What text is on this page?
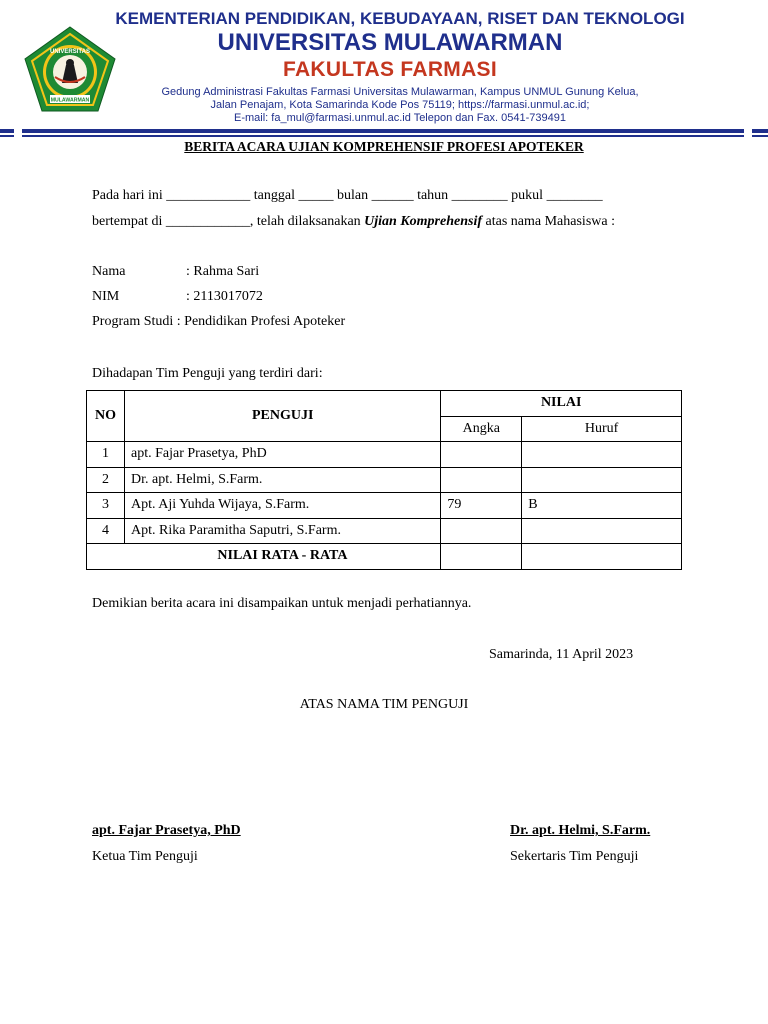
UNIVERSITAS
MULAWARMAN
KEMENTERIAN PENDIDIKAN, KEBUDAYAAN, RISET DAN TEKNOLOGI
UNIVERSITAS MULAWARMAN
FAKULTAS FARMASI
Gedung Administrasi Fakultas Farmasi Universitas Mulawarman, Kampus UNMUL Gunung Kelua,
Jalan Penajam, Kota Samarinda Kode Pos 75119; https://farmasi.unmul.ac.id;
E-mail: fa_mul@farmasi.unmul.ac.id Telepon dan Fax. 0541-739491
BERITA ACARA UJIAN KOMPREHENSIF PROFESI APOTEKER
Pada hari ini ____________ tanggal _____ bulan ______ tahun ________ pukul ________
bertempat di ____________, telah dilaksanakan Ujian Komprehensif atas nama Mahasiswa :
Nama	: Rahma Sari
NIM	: 2113017072
Program Studi : Pendidikan Profesi Apoteker
Dihadapan Tim Penguji yang terdiri dari:
NO	PENGUJI	NILAI	
		Angka	Huruf
1	apt. Fajar Prasetya, PhD		
2	Dr. apt. Helmi, S.Farm.		
3	Apt. Aji Yuhda Wijaya, S.Farm.	79	B
4	Apt. Rika Paramitha Saputri, S.Farm.		
	NILAI RATA - RATA		
Demikian berita acara ini disampaikan untuk menjadi perhatiannya.
Samarinda, 11 April 2023
ATAS NAMA TIM PENGUJI
apt. Fajar Prasetya, PhD
Ketua Tim Penguji
Dr. apt. Helmi, S.Farm.
Sekertaris Tim Penguji
